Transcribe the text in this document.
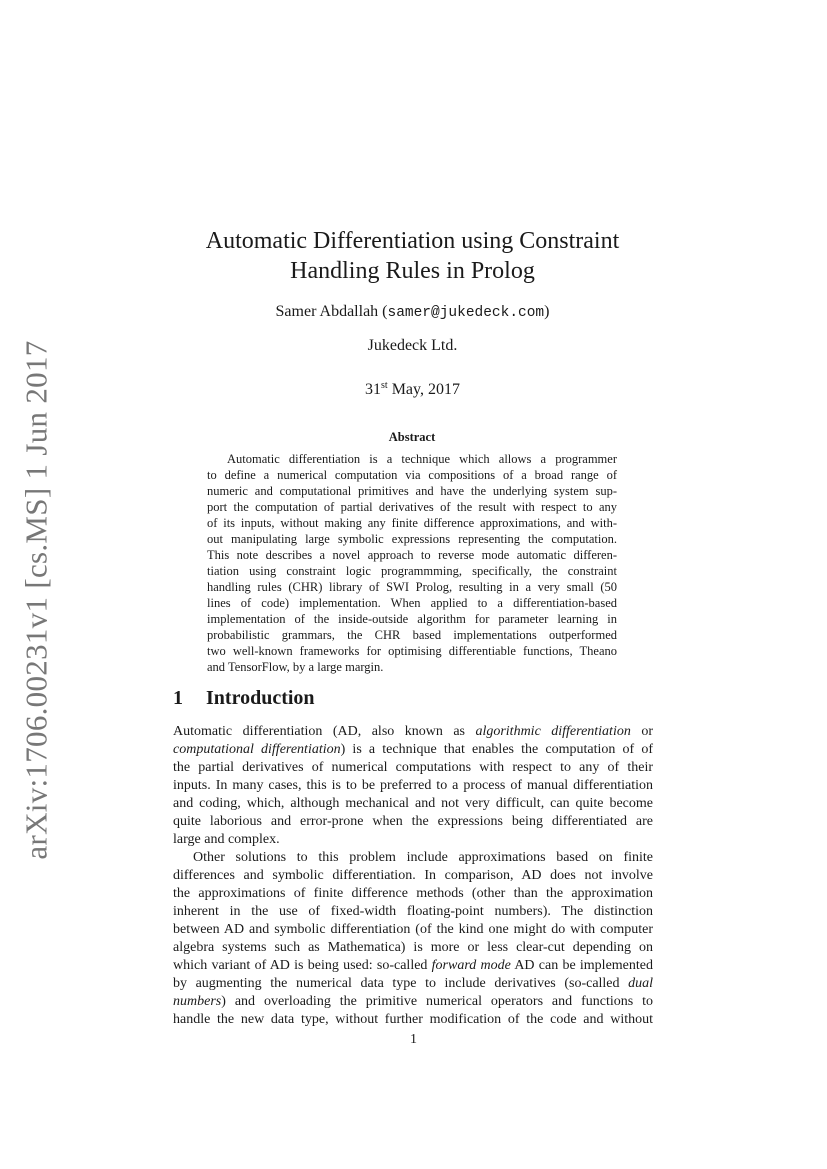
arXiv:1706.00231v1 [cs.MS] 1 Jun 2017
Automatic Differentiation using Constraint
Handling Rules in Prolog
Samer Abdallah (samer@jukedeck.com)
Jukedeck Ltd.
31st May, 2017
Abstract
Automatic differentiation is a technique which allows a programmer
to define a numerical computation via compositions of a broad range of
numeric and computational primitives and have the underlying system sup-
port the computation of partial derivatives of the result with respect to any
of its inputs, without making any finite difference approximations, and with-
out manipulating large symbolic expressions representing the computation.
This note describes a novel approach to reverse mode automatic differen-
tiation using constraint logic programmming, specifically, the constraint
handling rules (CHR) library of SWI Prolog, resulting in a very small (50
lines of code) implementation. When applied to a differentiation-based
implementation of the inside-outside algorithm for parameter learning in
probabilistic grammars, the CHR based implementations outperformed
two well-known frameworks for optimising differentiable functions, Theano
and TensorFlow, by a large margin.
1 Introduction
Automatic differentiation (AD, also known as algorithmic differentiation or
computational differentiation) is a technique that enables the computation of of
the partial derivatives of numerical computations with respect to any of their
inputs. In many cases, this is to be preferred to a process of manual differentiation
and coding, which, although mechanical and not very difficult, can quite become
quite laborious and error-prone when the expressions being differentiated are
large and complex.
Other solutions to this problem include approximations based on finite
differences and symbolic differentiation. In comparison, AD does not involve
the approximations of finite difference methods (other than the approximation
inherent in the use of fixed-width floating-point numbers). The distinction
between AD and symbolic differentiation (of the kind one might do with computer
algebra systems such as Mathematica) is more or less clear-cut depending on
which variant of AD is being used: so-called forward mode AD can be implemented
by augmenting the numerical data type to include derivatives (so-called dual
numbers) and overloading the primitive numerical operators and functions to
handle the new data type, without further modification of the code and without
1
